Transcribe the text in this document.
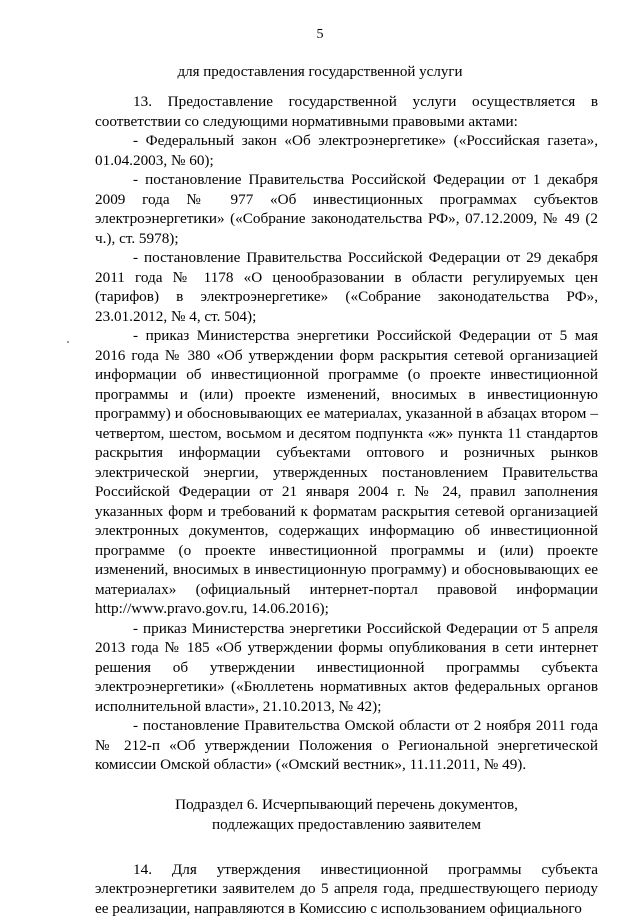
5
для предоставления государственной услуги

13. Предоставление государственной услуги осуществляется в соответствии со следующими нормативными правовыми актами:

- Федеральный закон «Об электроэнергетике» («Российская газета», 01.04.2003, № 60);

- постановление Правительства Российской Федерации от 1 декабря 2009 года № 977 «Об инвестиционных программах субъектов электроэнергетики» («Собрание законодательства РФ», 07.12.2009, № 49 (2 ч.), ст. 5978);

- постановление Правительства Российской Федерации от 29 декабря 2011 года № 1178 «О ценообразовании в области регулируемых цен (тарифов) в электроэнергетике» («Собрание законодательства РФ», 23.01.2012, № 4, ст. 504);

- приказ Министерства энергетики Российской Федерации от 5 мая 2016 года № 380 «Об утверждении форм раскрытия сетевой организацией информации об инвестиционной программе (о проекте инвестиционной программы и (или) проекте изменений, вносимых в инвестиционную программу) и обосновывающих ее материалах, указанной в абзацах втором – четвертом, шестом, восьмом и десятом подпункта «ж» пункта 11 стандартов раскрытия информации субъектами оптового и розничных рынков электрической энергии, утвержденных постановлением Правительства Российской Федерации от 21 января 2004 г. № 24, правил заполнения указанных форм и требований к форматам раскрытия сетевой организацией электронных документов, содержащих информацию об инвестиционной программе (о проекте инвестиционной программы и (или) проекте изменений, вносимых в инвестиционную программу) и обосновывающих ее материалах» (официальный интернет-портал правовой информации http://www.pravo.gov.ru, 14.06.2016);

- приказ Министерства энергетики Российской Федерации от 5 апреля 2013 года № 185 «Об утверждении формы опубликования в сети интернет решения об утверждении инвестиционной программы субъекта электроэнергетики» («Бюллетень нормативных актов федеральных органов исполнительной власти», 21.10.2013, № 42);

- постановление Правительства Омской области от 2 ноября 2011 года № 212-п «Об утверждении Положения о Региональной энергетической комиссии Омской области» («Омский вестник», 11.11.2011, № 49).

Подраздел 6. Исчерпывающий перечень документов,
подлежащих предоставлению заявителем

14. Для утверждения инвестиционной программы субъекта электроэнергетики заявителем до 5 апреля года, предшествующего периоду ее реализации, направляются в Комиссию с использованием официального
